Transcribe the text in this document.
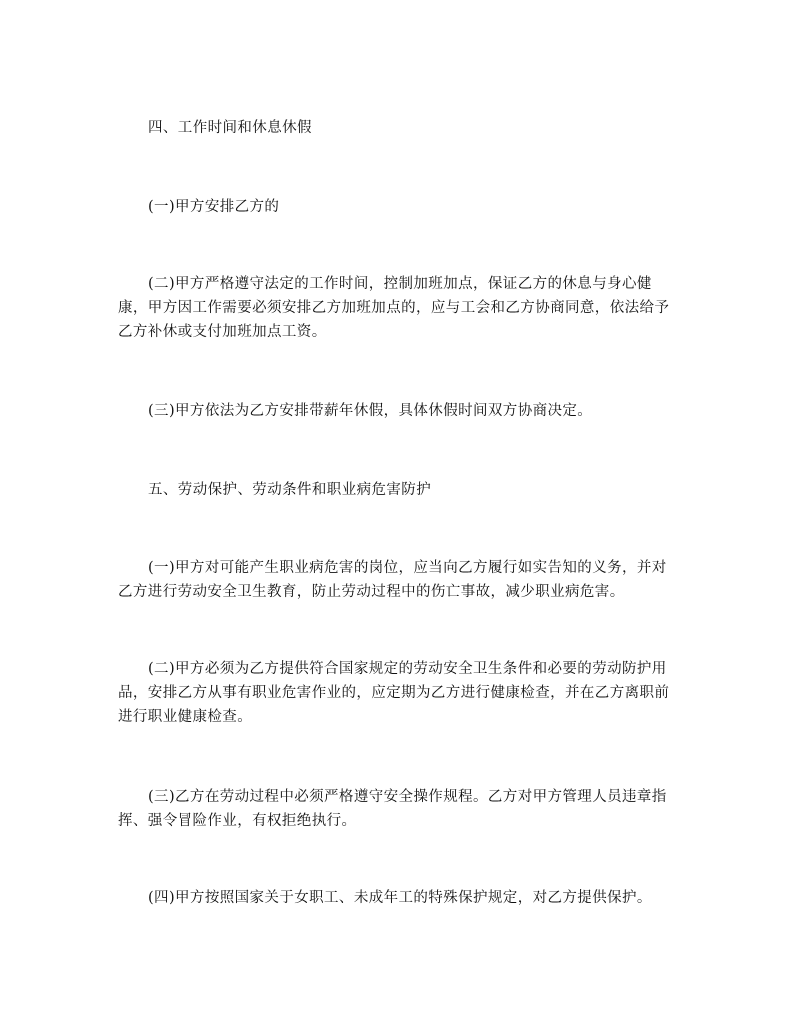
四、工作时间和休息休假

(一)甲方安排乙方的

(二)甲方严格遵守法定的工作时间，控制加班加点，保证乙方的休息与身心健康，甲方因工作需要必须安排乙方加班加点的，应与工会和乙方协商同意，依法给予乙方补休或支付加班加点工资。

(三)甲方依法为乙方安排带薪年休假，具体休假时间双方协商决定。

五、劳动保护、劳动条件和职业病危害防护

(一)甲方对可能产生职业病危害的岗位，应当向乙方履行如实告知的义务，并对乙方进行劳动安全卫生教育，防止劳动过程中的伤亡事故，减少职业病危害。

(二)甲方必须为乙方提供符合国家规定的劳动安全卫生条件和必要的劳动防护用品，安排乙方从事有职业危害作业的，应定期为乙方进行健康检查，并在乙方离职前进行职业健康检查。

(三)乙方在劳动过程中必须严格遵守安全操作规程。乙方对甲方管理人员违章指挥、强令冒险作业，有权拒绝执行。

(四)甲方按照国家关于女职工、未成年工的特殊保护规定，对乙方提供保护。
